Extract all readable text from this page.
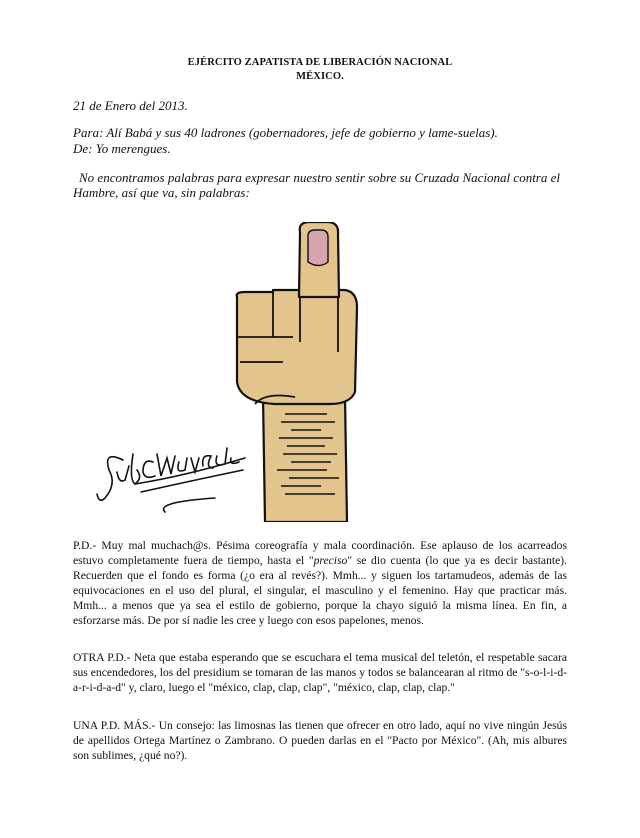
EJÉRCITO ZAPATISTA DE LIBERACIÓN NACIONAL
MÉXICO.
21 de Enero del 2013.
Para: Alí Babá y sus 40 ladrones (gobernadores, jefe de gobierno y lame-suelas).
De: Yo merengues.
No encontramos palabras para expresar nuestro sentir sobre su Cruzada Nacional contra el Hambre, así que va, sin palabras:
P.D.- Muy mal muchach@s. Pésima coreografía y mala coordinación. Ese aplauso de los acarreados estuvo completamente fuera de tiempo, hasta el "preciso" se dio cuenta (lo que ya es decir bastante). Recuerden que el fondo es forma (¿o era al revés?). Mmh... y siguen los tartamudeos, además de las equivocaciones en el uso del plural, el singular, el masculino y el femenino. Hay que practicar más. Mmh... a menos que ya sea el estilo de gobierno, porque la chayo siguió la misma línea. En fin, a esforzarse más. De por sí nadie les cree y luego con esos papelones, menos.
OTRA P.D.- Neta que estaba esperando que se escuchara el tema musical del teletón, el respetable sacara sus encendedores, los del presidium se tomaran de las manos y todos se balancearan al ritmo de "s-o-l-i-d-a-r-i-d-a-d" y, claro, luego el "méxico, clap, clap, clap", "méxico, clap, clap, clap."
UNA P.D. MÁS.- Un consejo: las limosnas las tienen que ofrecer en otro lado, aquí no vive ningún Jesús de apellidos Ortega Martínez o Zambrano. O pueden darlas en el "Pacto por México". (Ah, mis albures son sublimes, ¿qué no?).
